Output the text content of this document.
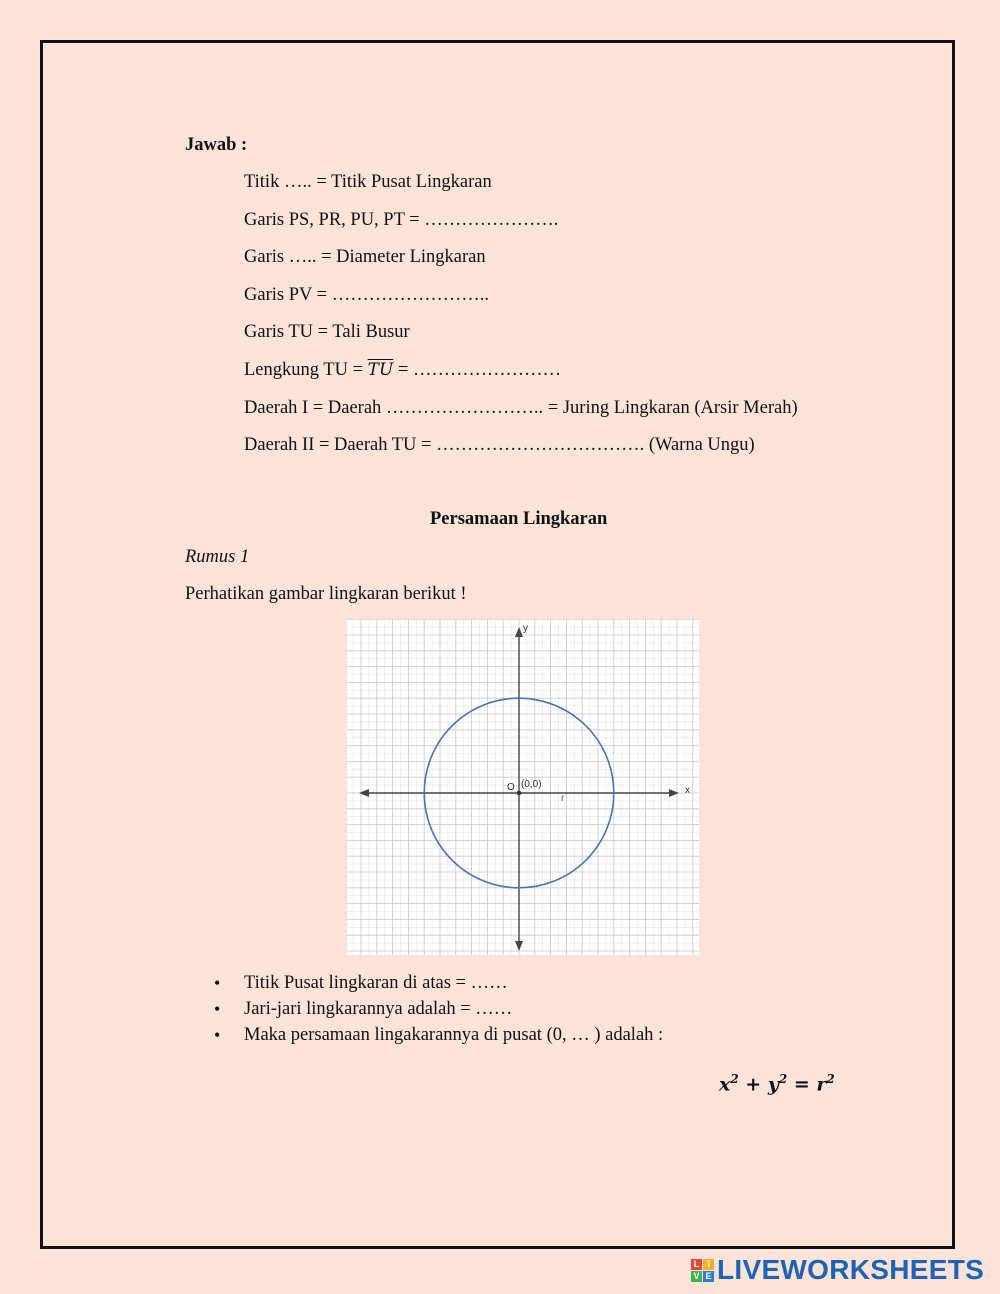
Jawab :
Titik ….. = Titik Pusat Lingkaran
Garis PS, PR, PU, PT = ………………….
Garis ….. = Diameter Lingkaran
Garis PV = ……………………..
Garis TU = Tali Busur
Lengkung TU = $\overline{TU}$ = ……………………
Daerah I = Daerah …………………….. = Juring Lingkaran (Arsir Merah)
Daerah II = Daerah TU = ……………………………. (Warna Ungu)
Persamaan Lingkaran
Rumus 1
Perhatikan gambar lingkaran berikut !
x
y
O (0,0)
r
• Titik Pusat lingkaran di atas = ……
• Jari-jari lingkarannya adalah = ……
• Maka persamaan lingakarannya di pusat (0, … ) adalah :
$x^2 + y^2 = r^2$
L I
V E LIVEWORKSHEETS
